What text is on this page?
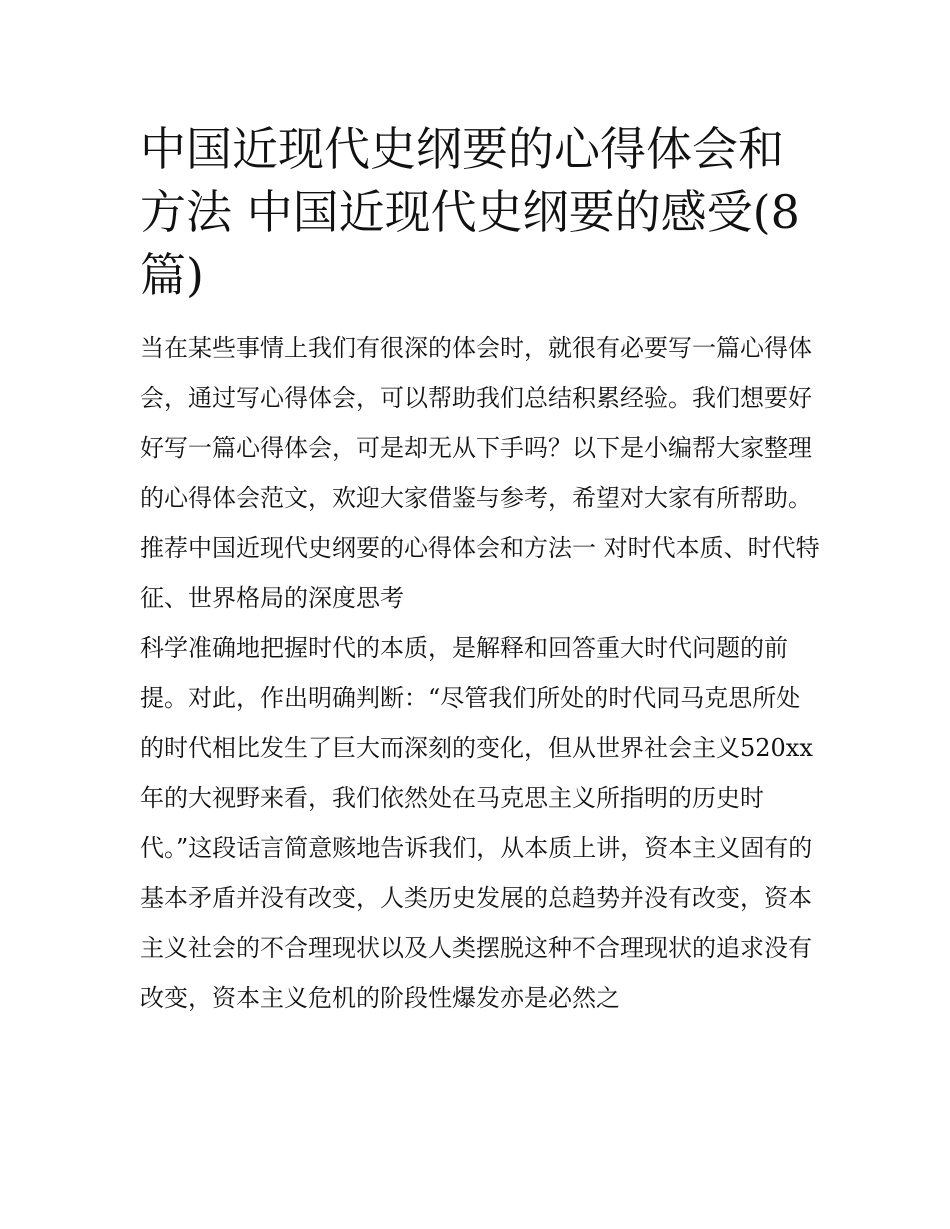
中国近现代史纲要的心得体会和方法 中国近现代史纲要的感受(8篇)

当在某些事情上我们有很深的体会时，就很有必要写一篇心得体会，通过写心得体会，可以帮助我们总结积累经验。我们想要好好写一篇心得体会，可是却无从下手吗？以下是小编帮大家整理的心得体会范文，欢迎大家借鉴与参考，希望对大家有所帮助。

推荐中国近现代史纲要的心得体会和方法一 对时代本质、时代特征、世界格局的深度思考

科学准确地把握时代的本质，是解释和回答重大时代问题的前提。对此，作出明确判断：“尽管我们所处的时代同马克思所处的时代相比发生了巨大而深刻的变化，但从世界社会主义520xx年的大视野来看，我们依然处在马克思主义所指明的历史时代。”这段话言简意赅地告诉我们，从本质上讲，资本主义固有的基本矛盾并没有改变，人类历史发展的总趋势并没有改变，资本主义社会的不合理现状以及人类摆脱这种不合理现状的追求没有改变，资本主义危机的阶段性爆发亦是必然之
